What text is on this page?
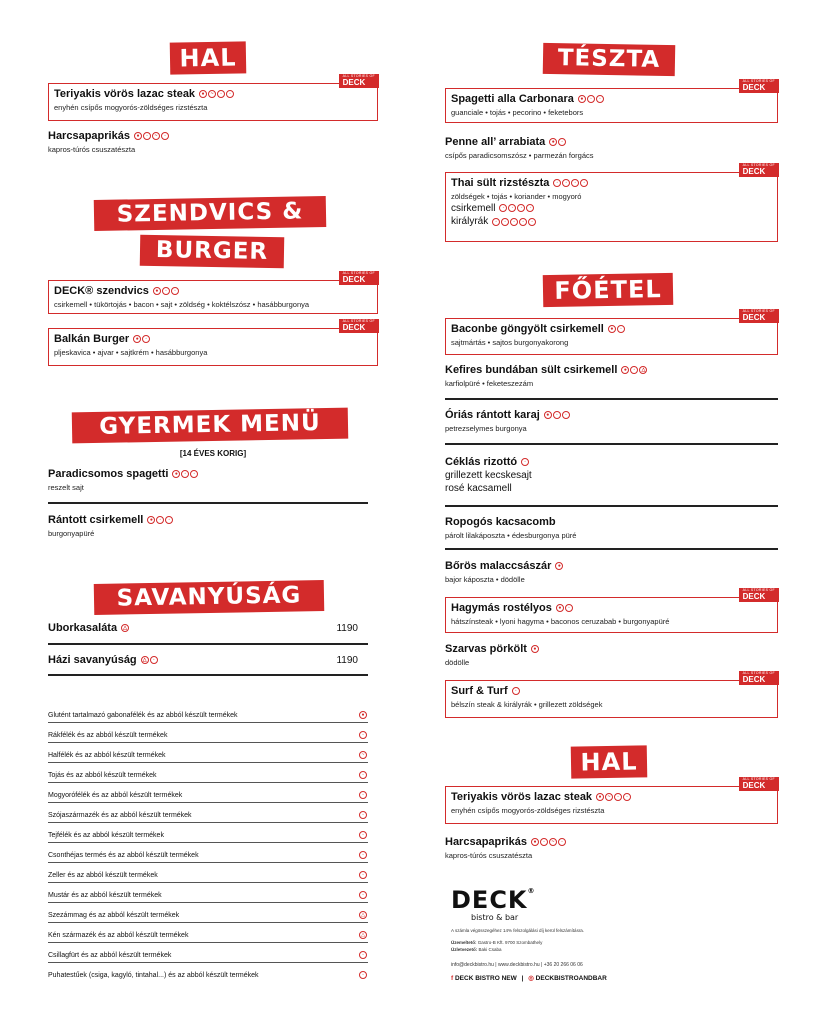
HAL
ALL STORIES OF
DECK
Teriyakis vörös lazac steak ● ~ ◦ ◦
enyhén csípős mogyorós-zöldséges rizstészta
Harcsapaprikás ● ◦ ~ ◦
kapros-túrós csuszatészta
SZENDVICS &
BURGER
ALL STORIES OF
DECK
DECK® szendvics ● ◦ ◦
csirkemell • tükörtojás • bacon • sajt • zöldség • koktélszósz • hasábburgonya
ALL STORIES OF
DECK
Balkán Burger ● ◦
pljeskavica • ajvar • sajtkrém • hasábburgonya
GYERMEK MENÜ
[14 ÉVES KORIG]
Paradicsomos spagetti ● ◦ ◦
reszelt sajt
Rántott csirkemell ● ◦ ◦
burgonyapüré
SAVANYÚSÁG
Uborkasaláta △	1190
Házi savanyúság △ ◦	1190
Glutént tartalmazó gabonafélék és az abból készült termékek	●
Rákfélék és az abból készült termékek	◦
Halfélék és az abból készült termékek	~
Tojás és az abból készült termékek	◦
Mogyorófélék és az abból készült termékek	◦
Szójaszármazék és az abból készült termékek	◦
Tejfélék és az abból készült termékek	◦
Csonthéjas termés és az abból készült termékek	◦
Zeller és az abból készült termékek	◦
Mustár és az abból készült termékek	◦
Szezámmag és az abból készült termékek	△
Kén származék és az abból készült termékek	△
Csillagfürt és az abból készült termékek	◦
Puhatestűek (csiga, kagyló, tintahal...) és az abból készült termékek	◦
TÉSZTA
ALL STORIES OF
DECK
Spagetti alla Carbonara ● ◦ ◦
guanciale • tojás • pecorino • feketebors
Penne all’ arrabiata ● ◦
csípős paradicsomszósz • parmezán forgács
ALL STORIES OF
DECK
Thai sült rizstészta ◦ ◦ ◦ ◦
zöldségek • tojás • koriander • mogyoró
csirkemell ◦ ◦ ◦ ◦
királyrák ◦ ◦ ◦ ◦ ◦
FŐÉTEL
ALL STORIES OF
DECK
Baconbe göngyölt csirkemell ● ◦
sajtmártás • sajtos burgonyakorong
Kefires bundában sült csirkemell ● ◦ △
karfiolpüré • feketeszezám
Óriás rántott karaj ● ◦ ◦
petrezselymes burgonya
Céklás rizottó ◦
grillezett kecskesajt
rosé kacsamell
Ropogós kacsacomb
párolt lilakáposzta • édesburgonya püré
Bőrös malaccsászár ●
bajor káposzta • dödölle
ALL STORIES OF
DECK
Hagymás rostélyos ● ◦
hátszínsteak • lyoni hagyma • baconos ceruzabab • burgonyapüré
Szarvas pörkölt ●
dödölle
ALL STORIES OF
DECK
Surf & Turf ◦
bélszín steak & királyrák • grillezett zöldségek
HAL
ALL STORIES OF
DECK
Teriyakis vörös lazac steak ● ~ ◦ ◦
enyhén csípős mogyorós-zöldséges rizstészta
Harcsapaprikás ● ◦ ~ ◦
kapros-túrós csuszatészta
DECK®
bistro & bar
A számla végösszegéhez 14% felszolgálási díj kerül felszámításra.
Üzemeltető: Gastro-B Kft. 9700 Szombathely
Üzletvezető: Baki Csaba
info@deckbistro.hu | www.deckbistro.hu | +36 20 266 06 06
f DECK BISTRO NEW | ◎ DECKBISTROANDBAR
